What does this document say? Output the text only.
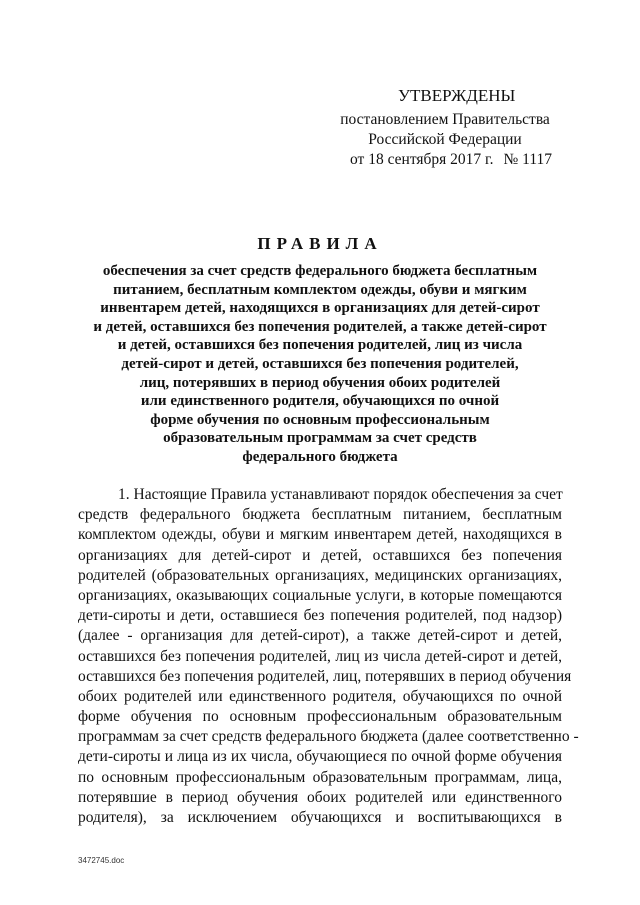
УТВЕРЖДЕНЫ
постановлением Правительства
Российской Федерации
от 18 сентября 2017 г. № 1117
ПРАВИЛА
обеспечения за счет средств федерального бюджета бесплатным
питанием, бесплатным комплектом одежды, обуви и мягким
инвентарем детей, находящихся в организациях для детей-сирот
и детей, оставшихся без попечения родителей, а также детей-сирот
и детей, оставшихся без попечения родителей, лиц из числа
детей-сирот и детей, оставшихся без попечения родителей,
лиц, потерявших в период обучения обоих родителей
или единственного родителя, обучающихся по очной
форме обучения по основным профессиональным
образовательным программам за счет средств
федерального бюджета
1. Настоящие Правила устанавливают порядок обеспечения за счет
средств федерального бюджета бесплатным питанием, бесплатным
комплектом одежды, обуви и мягким инвентарем детей, находящихся в
организациях для детей-сирот и детей, оставшихся без попечения
родителей (образовательных организациях, медицинских организациях,
организациях, оказывающих социальные услуги, в которые помещаются
дети-сироты и дети, оставшиеся без попечения родителей, под надзор)
(далее - организация для детей-сирот), а также детей-сирот и детей,
оставшихся без попечения родителей, лиц из числа детей-сирот и детей,
оставшихся без попечения родителей, лиц, потерявших в период обучения
обоих родителей или единственного родителя, обучающихся по очной
форме обучения по основным профессиональным образовательным
программам за счет средств федерального бюджета (далее соответственно -
дети-сироты и лица из их числа, обучающиеся по очной форме обучения
по основным профессиональным образовательным программам, лица,
потерявшие в период обучения обоих родителей или единственного
родителя), за исключением обучающихся и воспитывающихся в
3472745.doc
